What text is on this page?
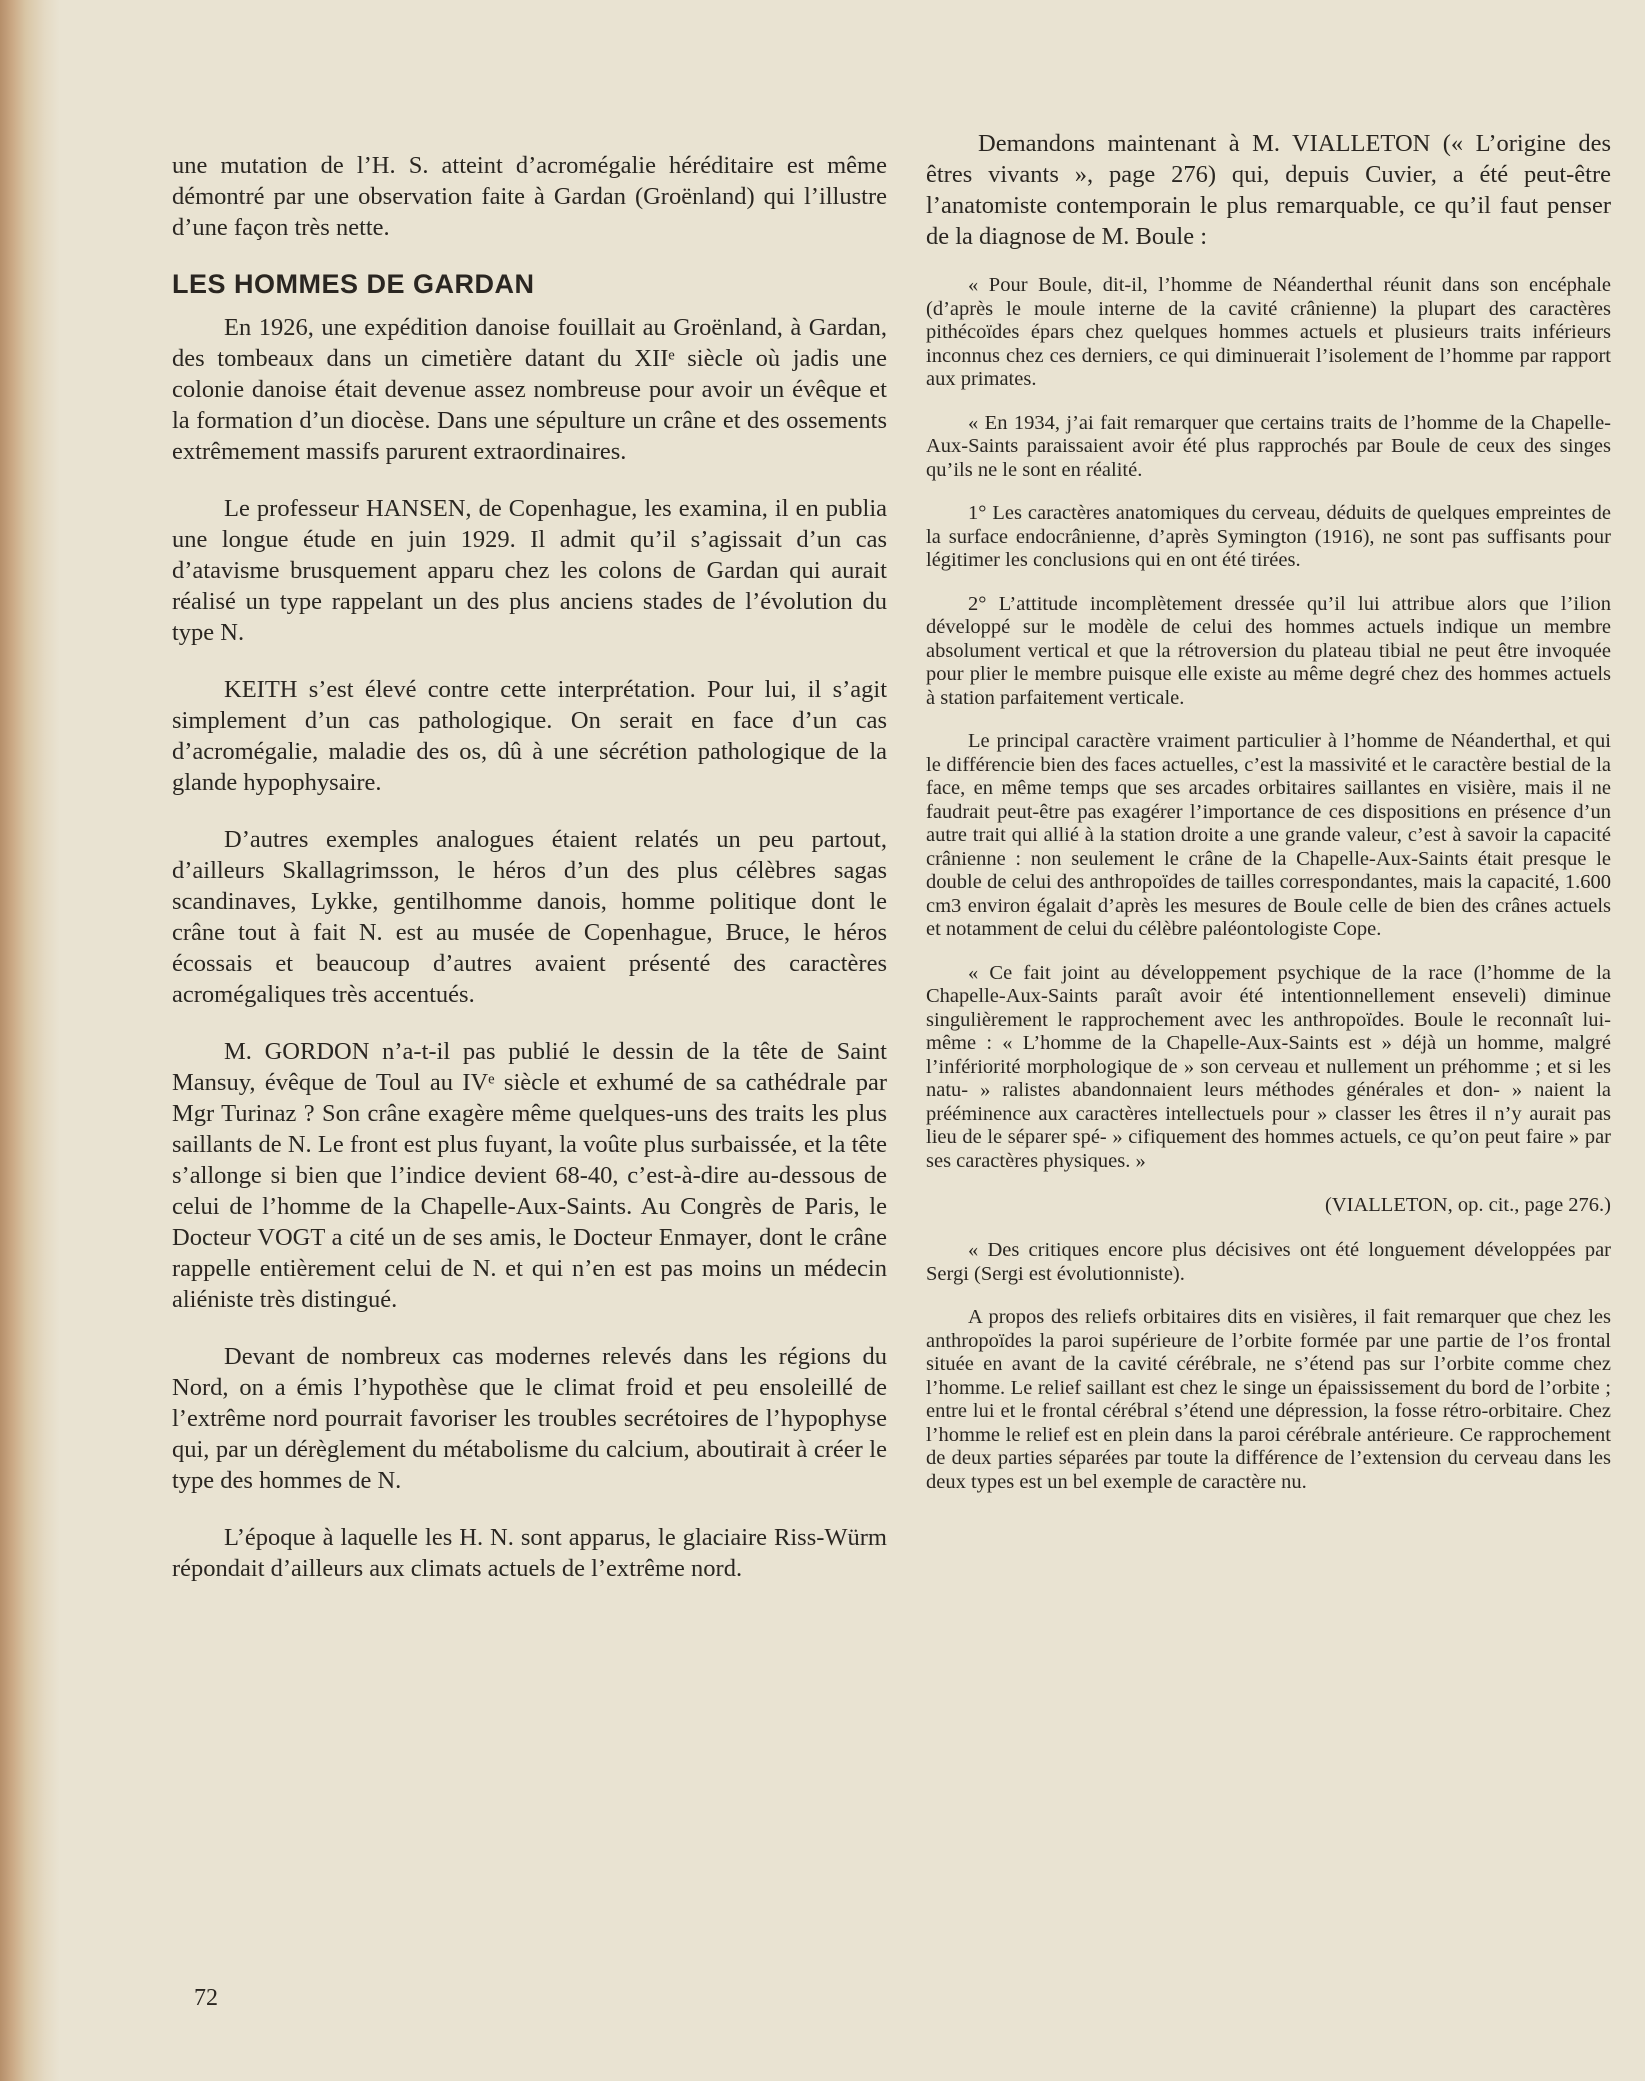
une mutation de l’H. S. atteint d’acromégalie héréditaire est même démontré par une observation faite à Gardan (Groënland) qui l’illustre d’une façon très nette.

LES HOMMES DE GARDAN

En 1926, une expédition danoise fouillait au Groënland, à Gardan, des tombeaux dans un cimetière datant du XIIᵉ siècle où jadis une colonie danoise était devenue assez nombreuse pour avoir un évêque et la formation d’un diocèse. Dans une sépulture un crâne et des ossements extrêmement massifs parurent extraordinaires.

Le professeur HANSEN, de Copenhague, les examina, il en publia une longue étude en juin 1929. Il admit qu’il s’agissait d’un cas d’atavisme brusquement apparu chez les colons de Gardan qui aurait réalisé un type rappelant un des plus anciens stades de l’évolution du type N.

KEITH s’est élevé contre cette interprétation. Pour lui, il s’agit simplement d’un cas pathologique. On serait en face d’un cas d’acromégalie, maladie des os, dû à une sécrétion pathologique de la glande hypophysaire.

D’autres exemples analogues étaient relatés un peu partout, d’ailleurs Skallagrimsson, le héros d’un des plus célèbres sagas scandinaves, Lykke, gentilhomme danois, homme politique dont le crâne tout à fait N. est au musée de Copenhague, Bruce, le héros écossais et beaucoup d’autres avaient présenté des caractères acromégaliques très accentués.

M. GORDON n’a-t-il pas publié le dessin de la tête de Saint Mansuy, évêque de Toul au IVᵉ siècle et exhumé de sa cathédrale par Mgr Turinaz ? Son crâne exagère même quelques-uns des traits les plus saillants de N. Le front est plus fuyant, la voûte plus surbaissée, et la tête s’allonge si bien que l’indice devient 68-40, c’est-à-dire au-dessous de celui de l’homme de la Chapelle-Aux-Saints. Au Congrès de Paris, le Docteur VOGT a cité un de ses amis, le Docteur Enmayer, dont le crâne rappelle entièrement celui de N. et qui n’en est pas moins un médecin aliéniste très distingué.

Devant de nombreux cas modernes relevés dans les régions du Nord, on a émis l’hypothèse que le climat froid et peu ensoleillé de l’extrême nord pourrait favoriser les troubles secrétoires de l’hypophyse qui, par un dérèglement du métabolisme du calcium, aboutirait à créer le type des hommes de N.

L’époque à laquelle les H. N. sont apparus, le glaciaire Riss-Würm répondait d’ailleurs aux climats actuels de l’extrême nord.

Demandons maintenant à M. VIALLETON (« L’origine des êtres vivants », page 276) qui, depuis Cuvier, a été peut-être l’anatomiste contemporain le plus remarquable, ce qu’il faut penser de la diagnose de M. Boule :

« Pour Boule, dit-il, l’homme de Néanderthal réunit dans son encéphale (d’après le moule interne de la cavité crânienne) la plupart des caractères pithécoïdes épars chez quelques hommes actuels et plusieurs traits inférieurs inconnus chez ces derniers, ce qui diminuerait l’isolement de l’homme par rapport aux primates.

« En 1934, j’ai fait remarquer que certains traits de l’homme de la Chapelle-Aux-Saints paraissaient avoir été plus rapprochés par Boule de ceux des singes qu’ils ne le sont en réalité.

1° Les caractères anatomiques du cerveau, déduits de quelques empreintes de la surface endocrânienne, d’après Symington (1916), ne sont pas suffisants pour légitimer les conclusions qui en ont été tirées.

2° L’attitude incomplètement dressée qu’il lui attribue alors que l’ilion développé sur le modèle de celui des hommes actuels indique un membre absolument vertical et que la rétroversion du plateau tibial ne peut être invoquée pour plier le membre puisque elle existe au même degré chez des hommes actuels à station parfaitement verticale.

Le principal caractère vraiment particulier à l’homme de Néanderthal, et qui le différencie bien des faces actuelles, c’est la massivité et le caractère bestial de la face, en même temps que ses arcades orbitaires saillantes en visière, mais il ne faudrait peut-être pas exagérer l’importance de ces dispositions en présence d’un autre trait qui allié à la station droite a une grande valeur, c’est à savoir la capacité crânienne : non seulement le crâne de la Chapelle-Aux-Saints était presque le double de celui des anthropoïdes de tailles correspondantes, mais la capacité, 1.600 cm3 environ égalait d’après les mesures de Boule celle de bien des crânes actuels et notamment de celui du célèbre paléontologiste Cope.

« Ce fait joint au développement psychique de la race (l’homme de la Chapelle-Aux-Saints paraît avoir été intentionnellement enseveli) diminue singulièrement le rapprochement avec les anthropoïdes. Boule le reconnaît lui-même : « L’homme de la Chapelle-Aux-Saints est » déjà un homme, malgré l’infériorité morphologique de » son cerveau et nullement un préhomme ; et si les natu- » ralistes abandonnaient leurs méthodes générales et don- » naient la prééminence aux caractères intellectuels pour » classer les êtres il n’y aurait pas lieu de le séparer spé- » cifiquement des hommes actuels, ce qu’on peut faire » par ses caractères physiques. »

(VIALLETON, op. cit., page 276.)

« Des critiques encore plus décisives ont été longuement développées par Sergi (Sergi est évolutionniste).

A propos des reliefs orbitaires dits en visières, il fait remarquer que chez les anthropoïdes la paroi supérieure de l’orbite formée par une partie de l’os frontal située en avant de la cavité cérébrale, ne s’étend pas sur l’orbite comme chez l’homme. Le relief saillant est chez le singe un épaississement du bord de l’orbite ; entre lui et le frontal cérébral s’étend une dépression, la fosse rétro-orbitaire. Chez l’homme le relief est en plein dans la paroi cérébrale antérieure. Ce rapprochement de deux parties séparées par toute la différence de l’extension du cerveau dans les deux types est un bel exemple de caractère nu.

72
